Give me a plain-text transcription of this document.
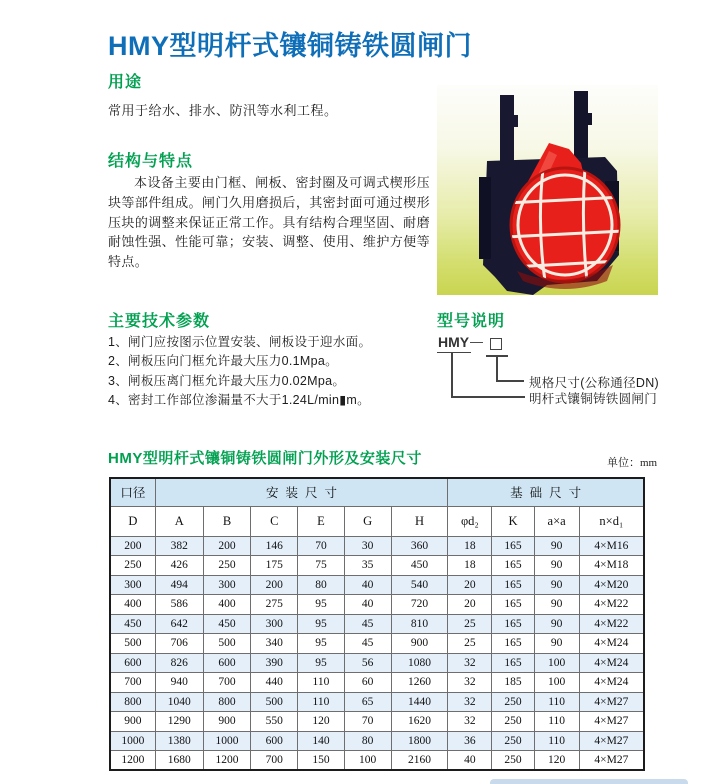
HMY型明杆式镶铜铸铁圆闸门
用途
常用于给水、排水、防汛等水利工程。
结构与特点
本设备主要由门框、闸板、密封圈及可调式楔形压块等部件组成。闸门久用磨损后，其密封面可通过楔形压块的调整来保证正常工作。具有结构合理坚固、耐磨耐蚀性强、性能可靠；安装、调整、使用、维护方便等特点。
主要技术参数
1、闸门应按图示位置安装、闸板设于迎水面。
2、闸板压向门框允许最大压力0.1Mpa。
3、闸板压离门框允许最大压力0.02Mpa。
4、密封工作部位渗漏量不大于1.24L/min▮m。
型号说明
HMY —
规格尺寸(公称通径DN)
明杆式镶铜铸铁圆闸门
HMY型明杆式镶铜铸铁圆闸门外形及安装尺寸	单位：mm
口径	安装尺寸						基础尺寸			
D	A	B	C	E	G	H	φd₂	K	a×a	n×d₁
200	382	200	146	70	30	360	18	165	90	4×M16
250	426	250	175	75	35	450	18	165	90	4×M18
300	494	300	200	80	40	540	20	165	90	4×M20
400	586	400	275	95	40	720	20	165	90	4×M22
450	642	450	300	95	45	810	25	165	90	4×M22
500	706	500	340	95	45	900	25	165	90	4×M24
600	826	600	390	95	56	1080	32	165	100	4×M24
700	940	700	440	110	60	1260	32	185	100	4×M24
800	1040	800	500	110	65	1440	32	250	110	4×M27
900	1290	900	550	120	70	1620	32	250	110	4×M27
1000	1380	1000	600	140	80	1800	36	250	110	4×M27
1200	1680	1200	700	150	100	2160	40	250	120	4×M27
